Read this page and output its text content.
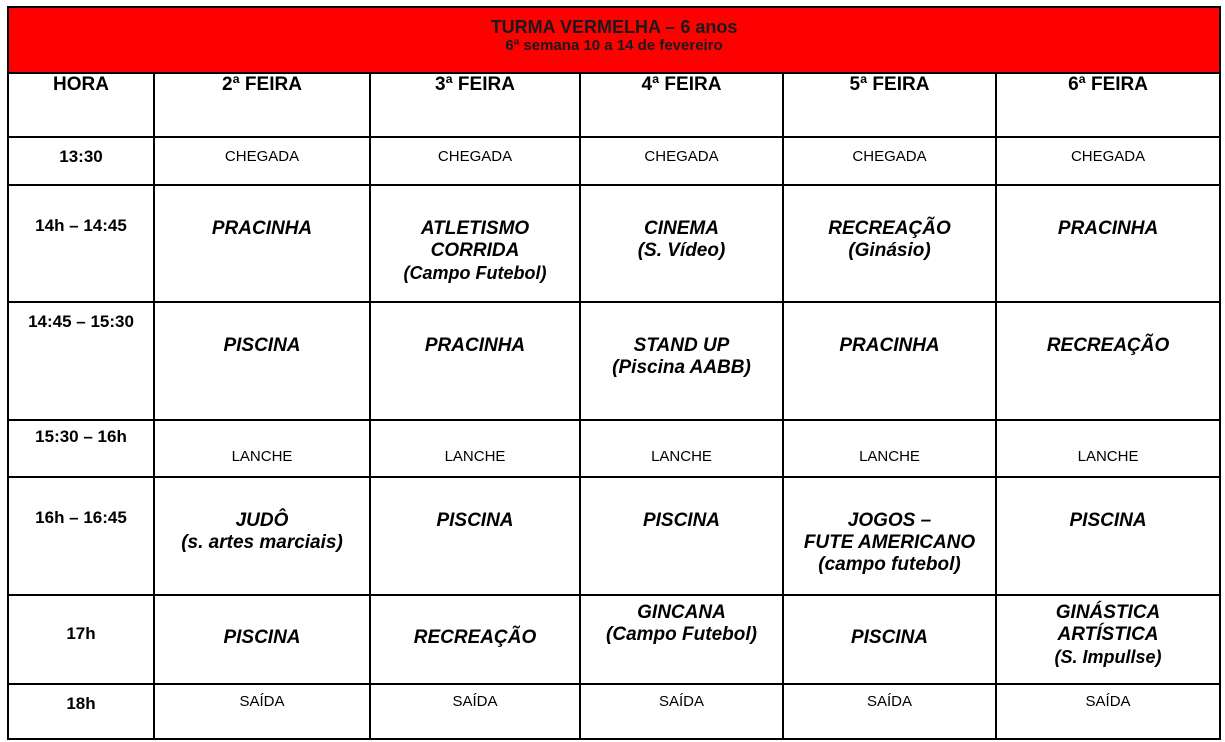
TURMA VERMELHA – 6 anos
6ª semana 10 a 14 de fevereiro					

HORA	2ª FEIRA	3ª FEIRA	4ª FEIRA	5ª FEIRA	6ª FEIRA
13:30	CHEGADA	CHEGADA	CHEGADA	CHEGADA	CHEGADA
14h – 14:45	PRACINHA	ATLETISMO
CORRIDA
(Campo Futebol)	CINEMA
(S. Vídeo)	RECREAÇÃO
(Ginásio)	PRACINHA

14:45 – 15:30	PISCINA	PRACINHA	STAND UP
(Piscina AABB)	PRACINHA	RECREAÇÃO

15:30 – 16h	LANCHE	LANCHE	LANCHE	LANCHE	LANCHE
16h – 16:45	JUDÔ
(s. artes marciais)	PISCINA	PISCINA	JOGOS –
FUTE AMERICANO
(campo futebol)	PISCINA

17h	PISCINA	RECREAÇÃO	GINCANA
(Campo Futebol)	PISCINA	GINÁSTICA
ARTÍSTICA
(S. Impullse)

18h	SAÍDA	SAÍDA	SAÍDA	SAÍDA	SAÍDA
